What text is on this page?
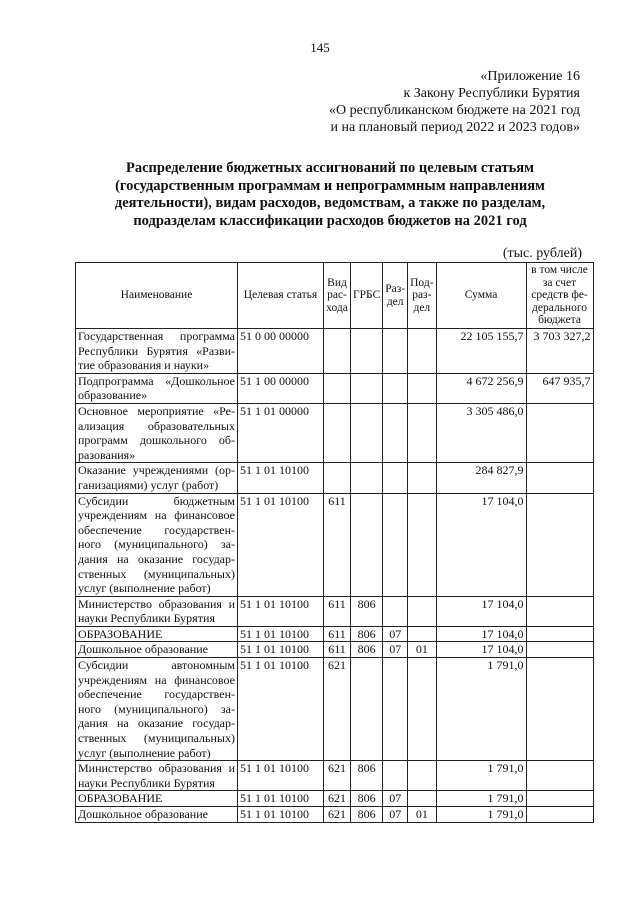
145
«Приложение 16
к Закону Республики Бурятия
«О республиканском бюджете на 2021 год
и на плановый период 2022 и 2023 годов»
Распределение бюджетных ассигнований по целевым статьям
(государственным программам и непрограммным направлениям
деятельности), видам расходов, ведомствам, а также по разделам,
подразделам классификации расходов бюджетов на 2021 год
(тыс. рублей)
Наименование	Целевая статья	Вид рас-хода	ГРБС	Раз-дел	Под-раз-дел	Сумма	в том числе за счет средств фе-дерального бюджета
Государственная программа Республики Бурятия «Разви-тие образования и науки»	51 0 00 00000					22 105 155,7	3 703 327,2
Подпрограмма «Дошкольное образование»	51 1 00 00000					4 672 256,9	647 935,7
Основное мероприятие «Ре-ализация образовательных программ дошкольного об-разования»	51 1 01 00000					3 305 486,0	
Оказание учреждениями (ор-ганизациями) услуг (работ)	51 1 01 10100					284 827,9	
Субсидии бюджетным учреждениям на финансовое обеспечение государствен-ного (муниципального) за-дания на оказание государ-ственных (муниципальных) услуг (выполнение работ)	51 1 01 10100	611				17 104,0	
Министерство образования и науки Республики Бурятия	51 1 01 10100	611	806			17 104,0	
ОБРАЗОВАНИЕ	51 1 01 10100	611	806	07		17 104,0	
Дошкольное образование	51 1 01 10100	611	806	07	01	17 104,0	
Субсидии автономным учреждениям на финансовое обеспечение государствен-ного (муниципального) за-дания на оказание государ-ственных (муниципальных) услуг (выполнение работ)	51 1 01 10100	621				1 791,0	
Министерство образования и науки Республики Бурятия	51 1 01 10100	621	806			1 791,0	
ОБРАЗОВАНИЕ	51 1 01 10100	621	806	07		1 791,0	
Дошкольное образование	51 1 01 10100	621	806	07	01	1 791,0	
